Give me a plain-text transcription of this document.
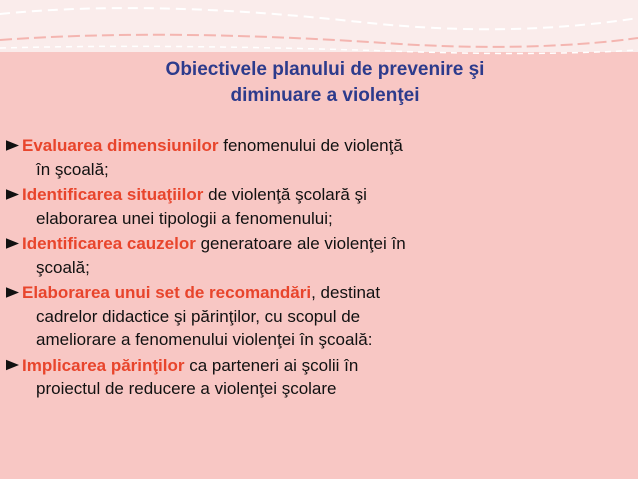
Obiectivele planului de prevenire şi
diminuare a violenţei
Evaluarea dimensiunilor fenomenului de violenţă
în şcoală;
Identificarea situaţiilor de violenţă şcolară şi
elaborarea unei tipologii a fenomenului;
Identificarea cauzelor generatoare ale violenţei în
şcoală;
Elaborarea unui set de recomandări, destinat
cadrelor didactice şi părinţilor, cu scopul de
ameliorare a fenomenului violenţei în şcoală:
Implicarea părinţilor ca parteneri ai şcolii în
proiectul de reducere a violenţei şcolare
